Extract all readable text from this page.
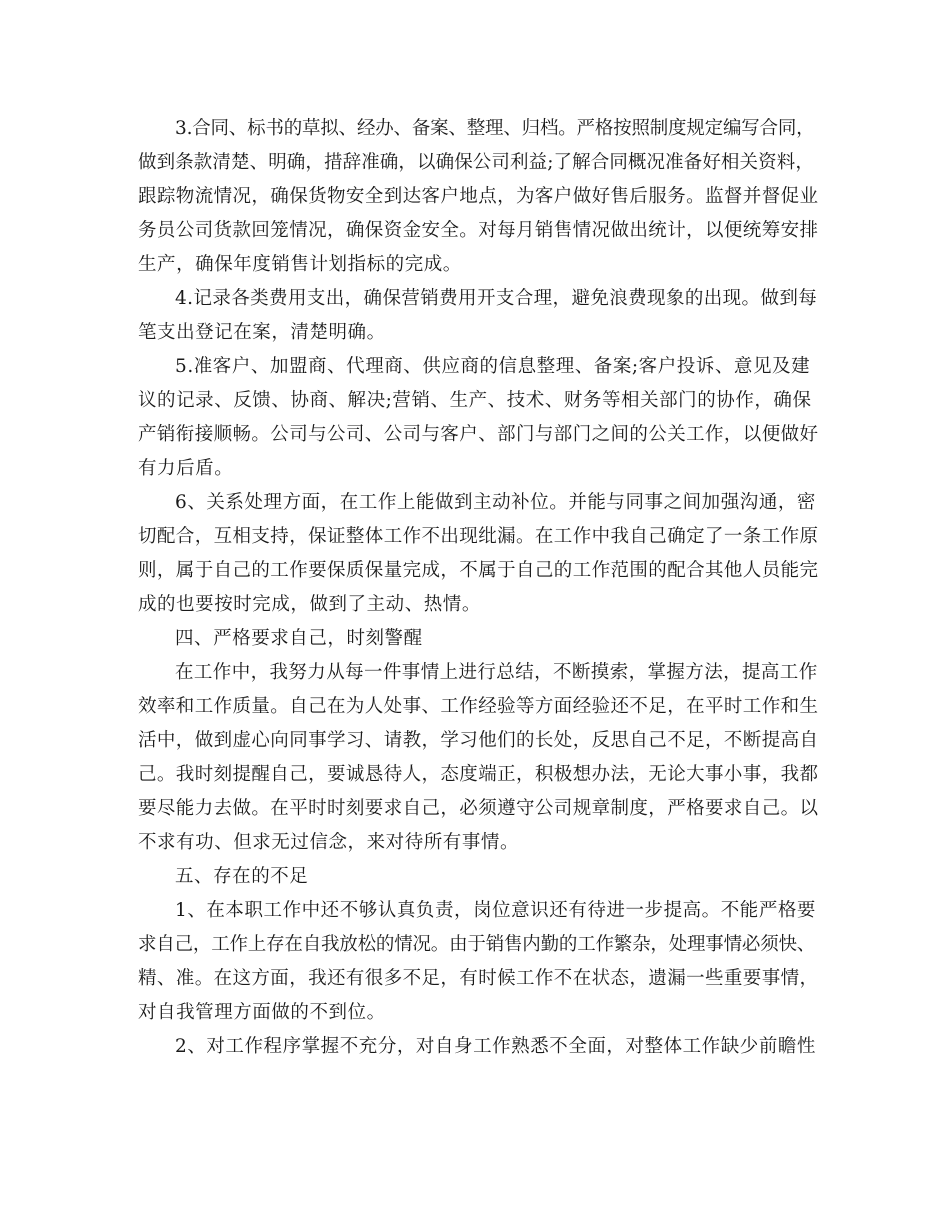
3.合同、标书的草拟、经办、备案、整理、归档。严格按照制度规定编写合同，
做到条款清楚、明确，措辞准确，以确保公司利益;了解合同概况准备好相关资料，
跟踪物流情况，确保货物安全到达客户地点，为客户做好售后服务。监督并督促业
务员公司货款回笼情况，确保资金安全。对每月销售情况做出统计，以便统筹安排
生产，确保年度销售计划指标的完成。
4.记录各类费用支出，确保营销费用开支合理，避免浪费现象的出现。做到每
笔支出登记在案，清楚明确。
5.准客户、加盟商、代理商、供应商的信息整理、备案;客户投诉、意见及建
议的记录、反馈、协商、解决;营销、生产、技术、财务等相关部门的协作，确保
产销衔接顺畅。公司与公司、公司与客户、部门与部门之间的公关工作，以便做好
有力后盾。
6、关系处理方面，在工作上能做到主动补位。并能与同事之间加强沟通，密
切配合，互相支持，保证整体工作不出现纰漏。在工作中我自己确定了一条工作原
则，属于自己的工作要保质保量完成，不属于自己的工作范围的配合其他人员能完
成的也要按时完成，做到了主动、热情。
四、严格要求自己，时刻警醒
在工作中，我努力从每一件事情上进行总结，不断摸索，掌握方法，提高工作
效率和工作质量。自己在为人处事、工作经验等方面经验还不足，在平时工作和生
活中，做到虚心向同事学习、请教，学习他们的长处，反思自己不足，不断提高自
己。我时刻提醒自己，要诚恳待人，态度端正，积极想办法，无论大事小事，我都
要尽能力去做。在平时时刻要求自己，必须遵守公司规章制度，严格要求自己。以
不求有功、但求无过信念，来对待所有事情。
五、存在的不足
1、在本职工作中还不够认真负责，岗位意识还有待进一步提高。不能严格要
求自己，工作上存在自我放松的情况。由于销售内勤的工作繁杂，处理事情必须快、
精、准。在这方面，我还有很多不足，有时候工作不在状态，遗漏一些重要事情，
对自我管理方面做的不到位。
2、对工作程序掌握不充分，对自身工作熟悉不全面，对整体工作缺少前瞻性
